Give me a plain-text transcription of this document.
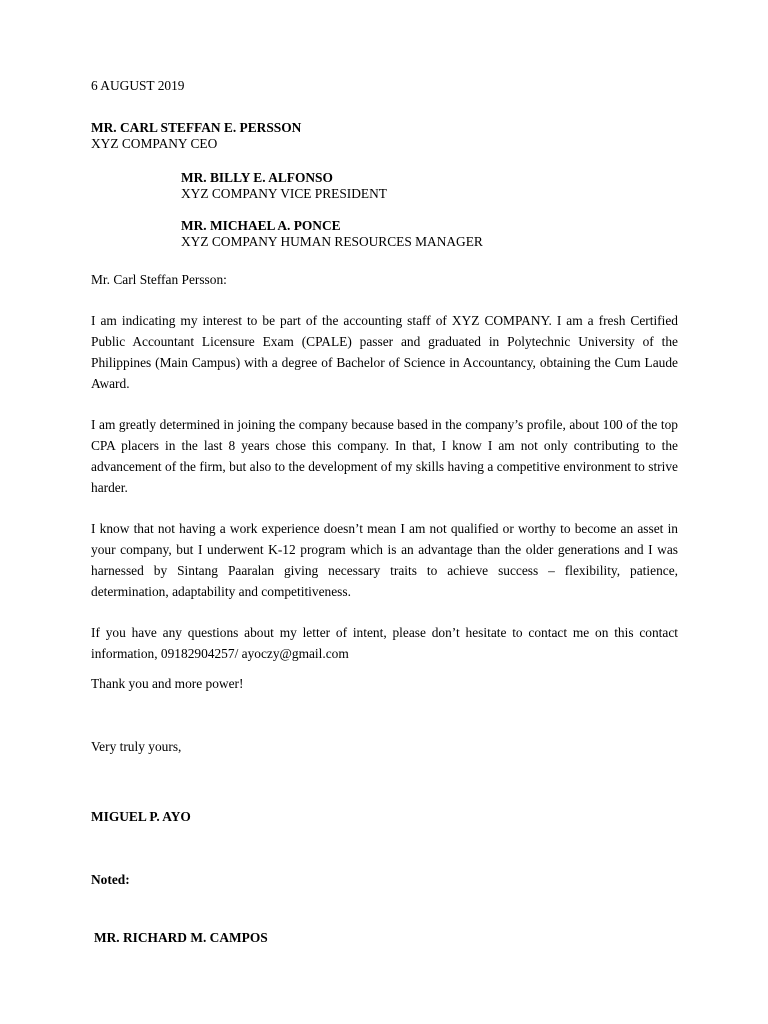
6 AUGUST 2019
MR. CARL STEFFAN E. PERSSON
XYZ COMPANY CEO
MR. BILLY E. ALFONSO
XYZ COMPANY VICE PRESIDENT
MR. MICHAEL A. PONCE
XYZ COMPANY HUMAN RESOURCES MANAGER
Mr. Carl Steffan Persson:
I am indicating my interest to be part of the accounting staff of XYZ COMPANY. I am a fresh Certified Public Accountant Licensure Exam (CPALE) passer and graduated in Polytechnic University of the Philippines (Main Campus) with a degree of Bachelor of Science in Accountancy, obtaining the Cum Laude Award.
I am greatly determined in joining the company because based in the company’s profile, about 100 of the top CPA placers in the last 8 years chose this company. In that, I know I am not only contributing to the advancement of the firm, but also to the development of my skills having a competitive environment to strive harder.
I know that not having a work experience doesn’t mean I am not qualified or worthy to become an asset in your company, but I underwent K-12 program which is an advantage than the older generations and I was harnessed by Sintang Paaralan giving necessary traits to achieve success – flexibility, patience, determination, adaptability and competitiveness.
If you have any questions about my letter of intent, please don’t hesitate to contact me on this contact information, 09182904257/ ayoczy@gmail.com
Thank you and more power!
Very truly yours,
MIGUEL P. AYO
Noted:
MR. RICHARD M. CAMPOS
